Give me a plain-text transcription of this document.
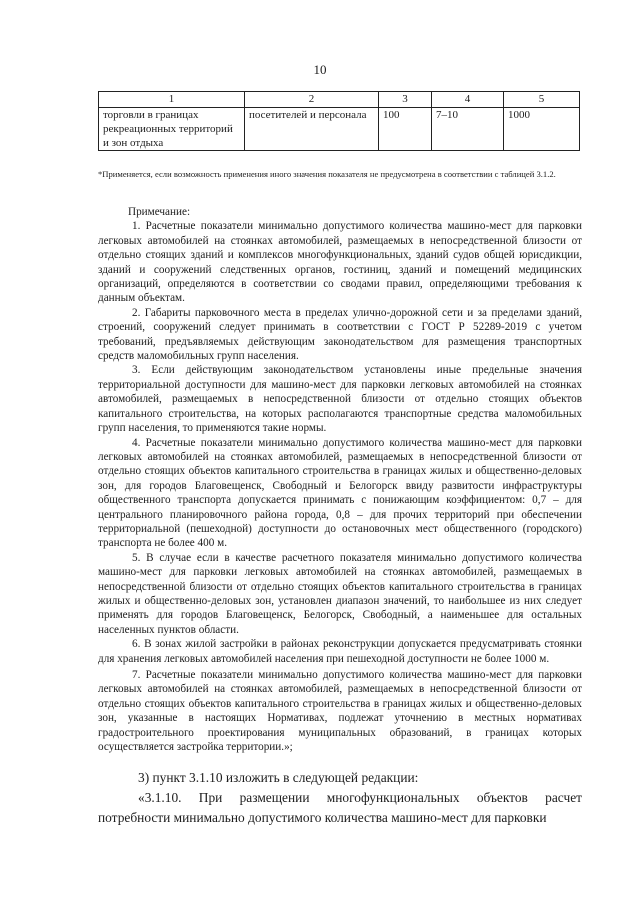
10
1	2	3	4	5
торговли в границах рекреационных территорий и зон отдыха	посетителей и персонала	100	7–10	1000
*Применяется, если возможность применения иного значения показателя не предусмотрена в соответствии с таблицей 3.1.2.
Примечание:

1. Расчетные показатели минимально допустимого количества машино-мест для парковки легковых автомобилей на стоянках автомобилей, размещаемых в непосредственной близости от отдельно стоящих зданий и комплексов многофункциональных, зданий судов общей юрисдикции, зданий и сооружений следственных органов, гостиниц, зданий и помещений медицинских организаций, определяются в соответствии со сводами правил, определяющими требования к данным объектам.

2. Габариты парковочного места в пределах улично-дорожной сети и за пределами зданий, строений, сооружений следует принимать в соответствии с ГОСТ Р 52289-2019 с учетом требований, предъявляемых действующим законодательством для размещения транспортных средств маломобильных групп населения.

3. Если действующим законодательством установлены иные предельные значения территориальной доступности для машино-мест для парковки легковых автомобилей на стоянках автомобилей, размещаемых в непосредственной близости от отдельно стоящих объектов капитального строительства, на которых располагаются транспортные средства маломобильных групп населения, то применяются такие нормы.

4. Расчетные показатели минимально допустимого количества машино-мест для парковки легковых автомобилей на стоянках автомобилей, размещаемых в непосредственной близости от отдельно стоящих объектов капитального строительства в границах жилых и общественно-деловых зон, для городов Благовещенск, Свободный и Белогорск ввиду развитости инфраструктуры общественного транспорта допускается принимать с понижающим коэффициентом: 0,7 – для центрального планировочного района города, 0,8 – для прочих территорий при обеспечении территориальной (пешеходной) доступности до остановочных мест общественного (городского) транспорта не более 400 м.

5. В случае если в качестве расчетного показателя минимально допустимого количества машино-мест для парковки легковых автомобилей на стоянках автомобилей, размещаемых в непосредственной близости от отдельно стоящих объектов капитального строительства в границах жилых и общественно-деловых зон, установлен диапазон значений, то наибольшее из них следует применять для городов Благовещенск, Белогорск, Свободный, а наименьшее для остальных населенных пунктов области.

6. В зонах жилой застройки в районах реконструкции допускается предусматривать стоянки для хранения легковых автомобилей населения при пешеходной доступности не более 1000 м.

7. Расчетные показатели минимально допустимого количества машино-мест для парковки легковых автомобилей на стоянках автомобилей, размещаемых в непосредственной близости от отдельно стоящих объектов капитального строительства в границах жилых и общественно-деловых зон, указанные в настоящих Нормативах, подлежат уточнению в местных нормативах градостроительного проектирования муниципальных образований, в границах которых осуществляется застройка территории.»;

3) пункт 3.1.10 изложить в следующей редакции:

«3.1.10. При размещении многофункциональных объектов расчет потребности минимально допустимого количества машино-мест для парковки
